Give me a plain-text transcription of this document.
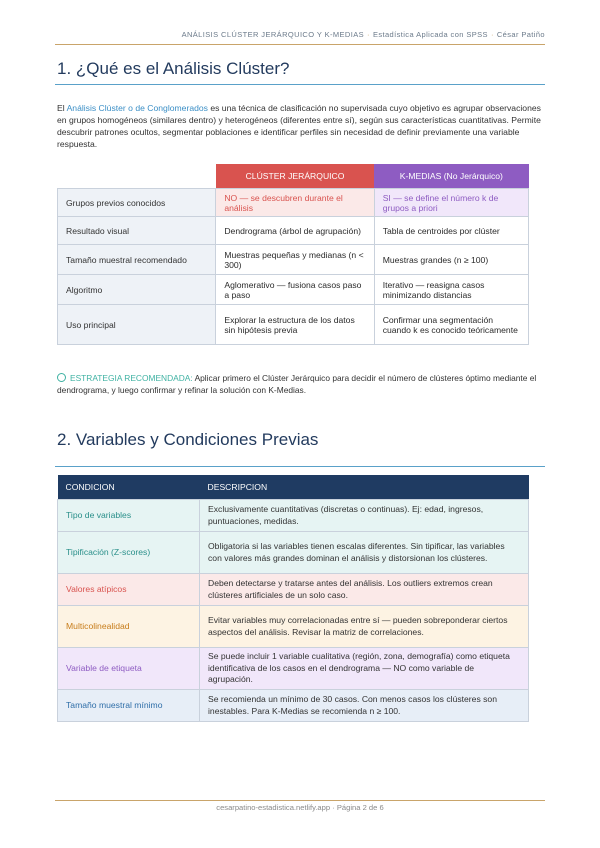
ANÁLISIS CLÚSTER JERÁRQUICO Y K-MEDIAS · Estadística Aplicada con SPSS · César Patiño
1. ¿Qué es el Análisis Clúster?
El Análisis Clúster o de Conglomerados es una técnica de clasificación no supervisada cuyo objetivo es agrupar observaciones en grupos homogéneos (similares dentro) y heterogéneos (diferentes entre sí), según sus características cuantitativas. Permite descubrir patrones ocultos, segmentar poblaciones e identificar perfiles sin necesidad de definir previamente una variable respuesta.
	CLÚSTER JERÁRQUICO	K-MEDIAS (No Jerárquico)
Grupos previos conocidos	NO — se descubren durante el análisis	SI — se define el número k de grupos a priori
Resultado visual	Dendrograma (árbol de agrupación)	Tabla de centroides por clúster
Tamaño muestral recomendado	Muestras pequeñas y medianas (n < 300)	Muestras grandes (n ≥ 100)
Algoritmo	Aglomerativo — fusiona casos paso a paso	Iterativo — reasigna casos minimizando distancias
Uso principal	Explorar la estructura de los datos sin hipótesis previa	Confirmar una segmentación cuando k es conocido teóricamente
ESTRATEGIA RECOMENDADA: Aplicar primero el Clúster Jerárquico para decidir el número de clústeres óptimo mediante el dendrograma, y luego confirmar y refinar la solución con K-Medias.
2. Variables y Condiciones Previas
CONDICION	DESCRIPCION
Tipo de variables	Exclusivamente cuantitativas (discretas o continuas). Ej: edad, ingresos, puntuaciones, medidas.
Tipificación (Z-scores)	Obligatoria si las variables tienen escalas diferentes. Sin tipificar, las variables con valores más grandes dominan el análisis y distorsionan los clústeres.
Valores atípicos	Deben detectarse y tratarse antes del análisis. Los outliers extremos crean clústeres artificiales de un solo caso.
Multicolinealidad	Evitar variables muy correlacionadas entre sí — pueden sobreponderar ciertos aspectos del análisis. Revisar la matriz de correlaciones.
Variable de etiqueta	Se puede incluir 1 variable cualitativa (región, zona, demografía) como etiqueta identificativa de los casos en el dendrograma — NO como variable de agrupación.
Tamaño muestral mínimo	Se recomienda un mínimo de 30 casos. Con menos casos los clústeres son inestables. Para K-Medias se recomienda n ≥ 100.
cesarpatino-estadistica.netlify.app · Página 2 de 6
